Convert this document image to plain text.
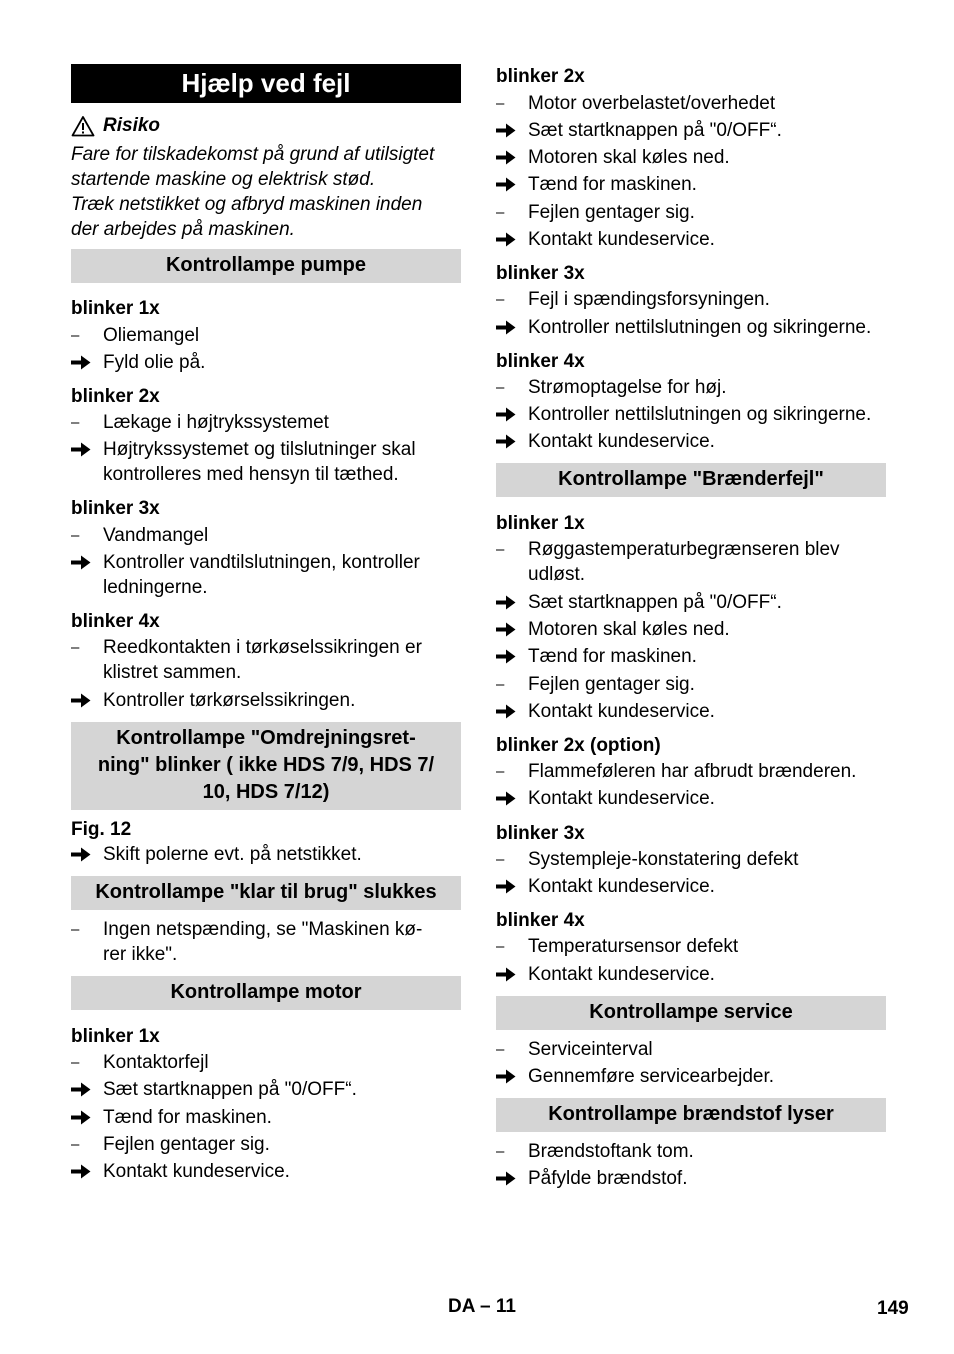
Hjælp ved fejl
Risiko
Fare for tilskadekomst på grund af utilsigtet
startende maskine og elektrisk stød.
Træk netstikket og afbryd maskinen inden
der arbejdes på maskinen.
Kontrollampe pumpe
blinker 1x
–	Oliemangel
Fyld olie på.
blinker 2x
–	Lækage i højtrykssystemet
Højtrykssystemet og tilslutninger skal
kontrolleres med hensyn til tæthed.
blinker 3x
–	Vandmangel
Kontroller vandtilslutningen, kontroller
ledningerne.
blinker 4x
–	Reedkontakten i tørkøselssikringen er
klistret sammen.
Kontroller tørkørselssikringen.
Kontrollampe "Omdrejningsret-
ning" blinker ( ikke HDS 7/9, HDS 7/
10, HDS 7/12)
Fig. 12
Skift polerne evt. på netstikket.
Kontrollampe "klar til brug" slukkes
–	Ingen netspænding, se "Maskinen kø-
rer ikke".
Kontrollampe motor
blinker 1x
–	Kontaktorfejl
Sæt startknappen på "0/OFF“.
Tænd for maskinen.
–	Fejlen gentager sig.
Kontakt kundeservice.
blinker 2x
–	Motor overbelastet/overhedet
Sæt startknappen på "0/OFF“.
Motoren skal køles ned.
Tænd for maskinen.
–	Fejlen gentager sig.
Kontakt kundeservice.
blinker 3x
–	Fejl i spændingsforsyningen.
Kontroller nettilslutningen og sikringerne.
blinker 4x
–	Strømoptagelse for høj.
Kontroller nettilslutningen og sikringerne.
Kontakt kundeservice.
Kontrollampe "Brænderfejl"
blinker 1x
–	Røggastemperaturbegrænseren blev
udløst.
Sæt startknappen på "0/OFF“.
Motoren skal køles ned.
Tænd for maskinen.
–	Fejlen gentager sig.
Kontakt kundeservice.
blinker 2x (option)
–	Flammeføleren har afbrudt brænderen.
Kontakt kundeservice.
blinker 3x
–	Systempleje-konstatering defekt
Kontakt kundeservice.
blinker 4x
–	Temperatursensor defekt
Kontakt kundeservice.
Kontrollampe service
–	Serviceinterval
Gennemføre servicearbejder.
Kontrollampe brændstof lyser
–	Brændstoftank tom.
Påfylde brændstof.
DA – 11	149
